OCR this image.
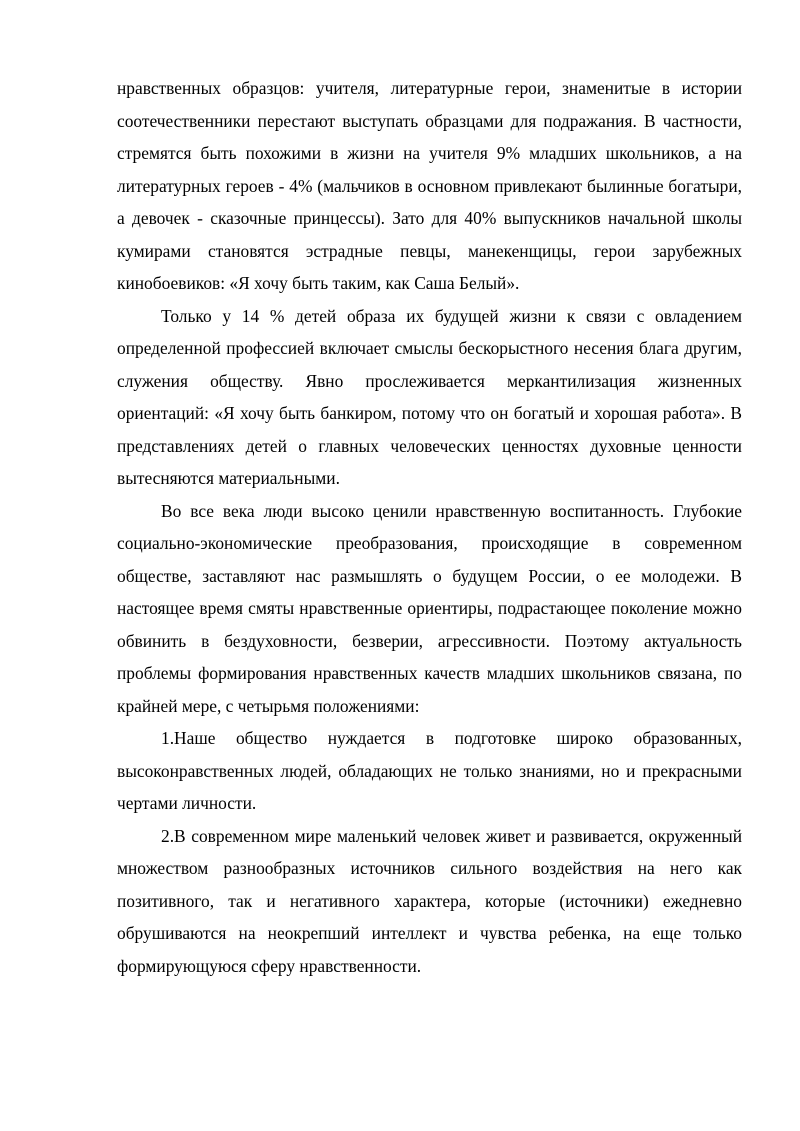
нравственных образцов: учителя, литературные герои, знаменитые в истории соотечественники перестают выступать образцами для подражания. В частности, стремятся быть похожими в жизни на учителя 9% младших школьников, а на литературных героев - 4% (мальчиков в основном привлекают былинные богатыри, а девочек - сказочные принцессы). Зато для 40% выпускников начальной школы кумирами становятся эстрадные певцы, манекенщицы, герои зарубежных кинобоевиков: «Я хочу быть таким, как Саша Белый».

Только у 14 % детей образа их будущей жизни к связи с овладением определенной профессией включает смыслы бескорыстного несения блага другим, служения обществу. Явно прослеживается меркантилизация жизненных ориентаций: «Я хочу быть банкиром, потому что он богатый и хорошая работа». В представлениях детей о главных человеческих ценностях духовные ценности вытесняются материальными.

Во все века люди высоко ценили нравственную воспитанность. Глубокие социально-экономические преобразования, происходящие в современном обществе, заставляют нас размышлять о будущем России, о ее молодежи. В настоящее время смяты нравственные ориентиры, подрастающее поколение можно обвинить в бездуховности, безверии, агрессивности. Поэтому актуальность проблемы формирования нравственных качеств младших школьников связана, по крайней мере, с четырьмя положениями:

1.Наше общество нуждается в подготовке широко образованных, высоконравственных людей, обладающих не только знаниями, но и прекрасными чертами личности.

2.В современном мире маленький человек живет и развивается, окруженный множеством разнообразных источников сильного воздействия на него как позитивного, так и негативного характера, которые (источники) ежедневно обрушиваются на неокрепший интеллект и чувства ребенка, на еще только формирующуюся сферу нравственности.
